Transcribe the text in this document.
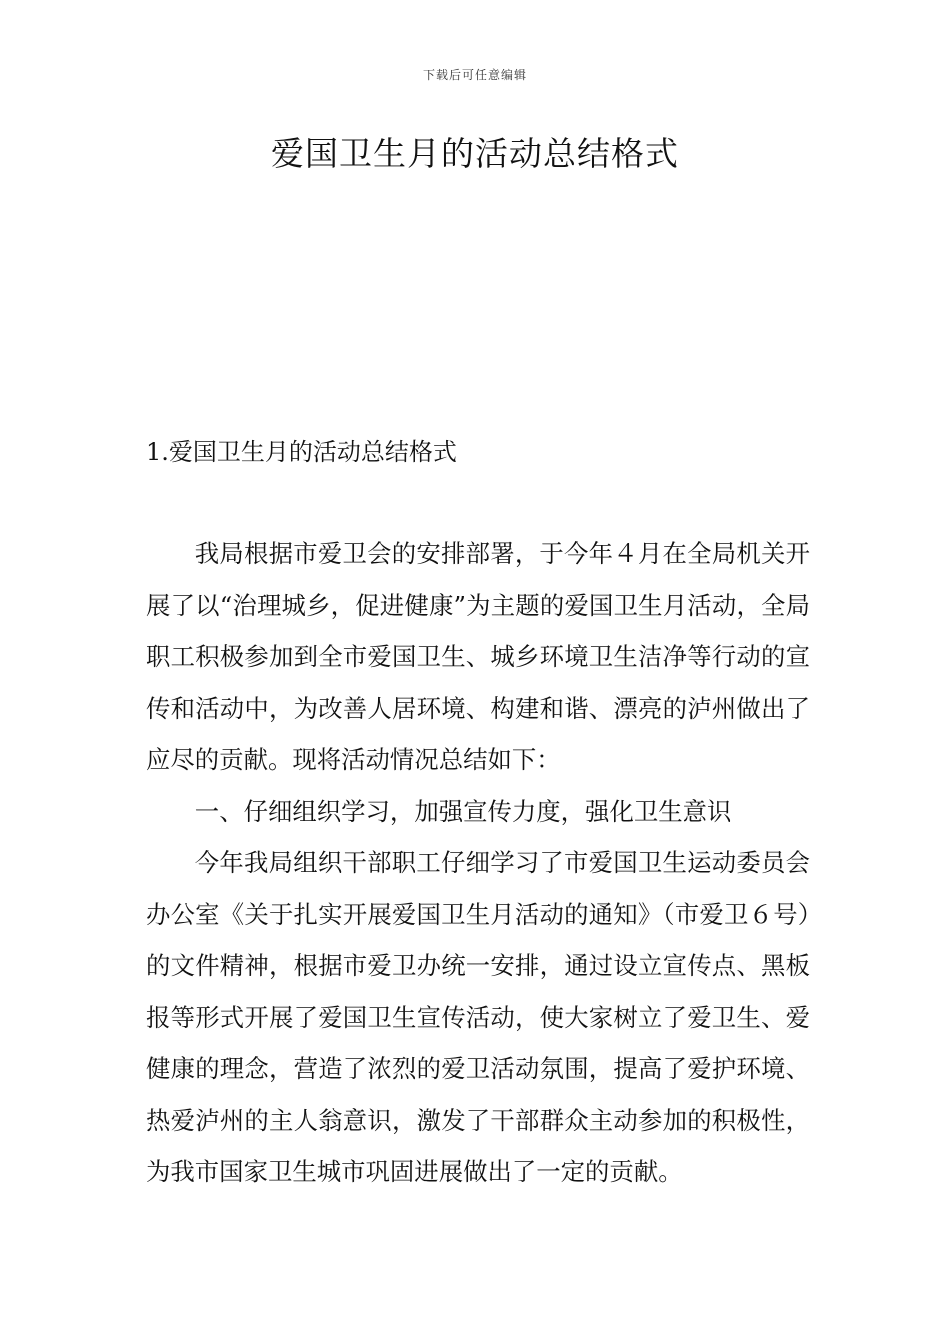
下载后可任意编辑
爱国卫生月的活动总结格式
1.爱国卫生月的活动总结格式

我局根据市爱卫会的安排部署，于今年４月在全局机关开展了以“治理城乡，促进健康”为主题的爱国卫生月活动，全局职工积极参加到全市爱国卫生、城乡环境卫生洁净等行动的宣传和活动中，为改善人居环境、构建和谐、漂亮的泸州做出了应尽的贡献。现将活动情况总结如下：

一、仔细组织学习，加强宣传力度，强化卫生意识

今年我局组织干部职工仔细学习了市爱国卫生运动委员会办公室《关于扎实开展爱国卫生月活动的通知》（市爱卫６号）的文件精神，根据市爱卫办统一安排，通过设立宣传点、黑板报等形式开展了爱国卫生宣传活动，使大家树立了爱卫生、爱健康的理念，营造了浓烈的爱卫活动氛围，提高了爱护环境、热爱泸州的主人翁意识，激发了干部群众主动参加的积极性，为我市国家卫生城市巩固进展做出了一定的贡献。
